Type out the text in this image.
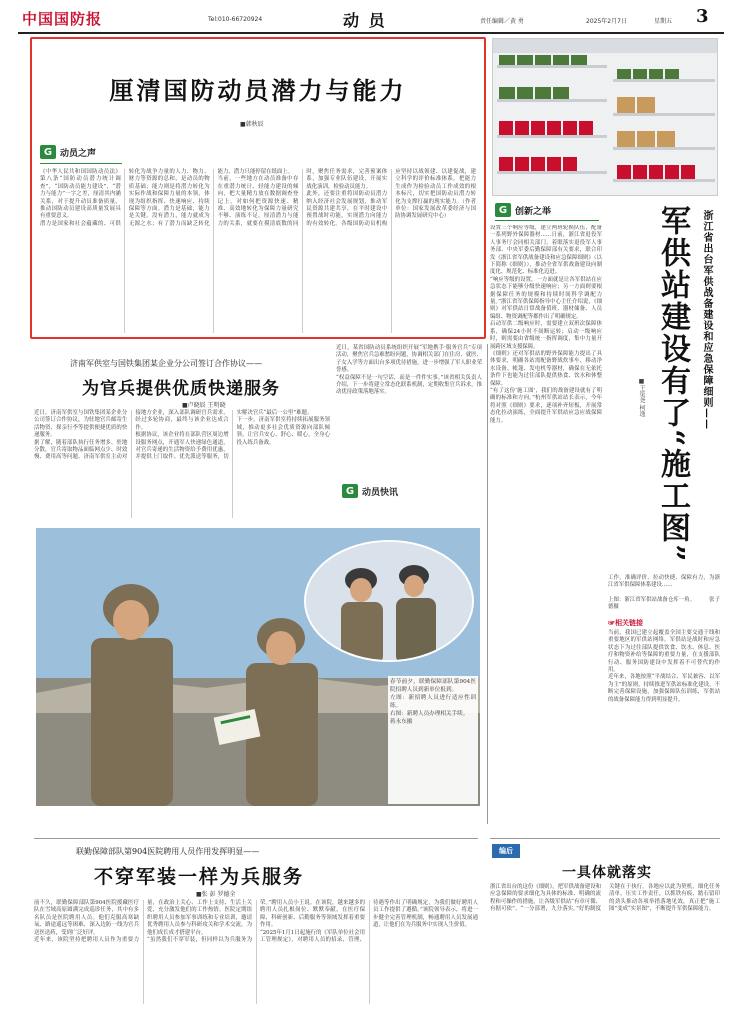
中国国防报	Tel:010-66720924	动 员	责任编辑／黄 勇	2025年2月7日	星期五 3
厘清国防动员潜力与能力
■韩秋辰
G 动员之声
《中华人民共和国国防动员法》第八条“国防动员潜力统计调查”，“国防动员能力建设”，“潜力与能力”一字之差，厘清其内涵关系，对于提升动员准备质量、推动国防动员建设高质量发展具有重要意义。
潜力是国家和社会蕴藏的、可供转化为战争力量的人力、物力、财力等资源的总和，是动员的物质基础；能力则是将潜力转化为实际作战和保障力量的本领，体现为组织指挥、快速响应、持续保障等方面。潜力是基础，能力是关键。没有潜力，能力就成为无源之水；有了潜力而缺乏转化能力，潜力只能停留在纸面上。
当前，一些地方在动员准备中存在重潜力统计、轻能力建设的倾向，把大量精力放在数据调查登记上，对如何把资源快速、精准、高效地转化为保障力量研究不够、演练不足。厘清潜力与能力的关系，就要在摸清底数的同时，聚焦任务需求，完善预案体系，加强专业队伍建设，开展实战化演训，检验动员能力。
此外，还要注重将国防动员潜力纳入经济社会发展规划，推动军民资源共建共享，在平时建设中预置战时功能，实现潜力向能力的有效转化。各级国防动员机构应坚持以战领建、以建促战，建立科学的评价标准体系，把能力生成作为检验动员工作成效的根本标尺，切实把国防动员潜力转化为支撑打赢的现实能力。（作者单位：国家发展改革委经济与国防协调发展研究中心）
G 创新之举
设置三个响应等级，建立两班轮换队伍，配备一系列野外保障器材……日前，浙江省退役军人事务厅会同相关部门，着眼落实退役军人事务部、中央军委后勤保障部有关要求，联合印发《浙江省军供战备建设和应急保障细则》（以下简称《细则》），推动全省军供战备建设向制度化、规范化、标准化迈进。
“响应等级的设置，一方面就是让各军供站在应急状态下能够分级快速响应；另一方面则要根据保障任务的规模和持续时间科学调配力量。”浙江省军供保障指导中心主任介绍说，《细则》对军供站日常战备值班、器材储备、人员编组、物资调配等都作出了明确规定。
启动军供二级响应时，需要建立双班次保障体系，确保24小时不间断运转；启动一级响应时，则需要由省级统一指挥调度，集中力量开展跨区域支援保障。
《细则》还对军供站的野外保障能力提出了具体要求，明确各站需配备野战炊事车、移动净水设备、帐篷、发电机等器材，确保在无依托条件下也能为过往部队提供热食、饮水和休整保障。
“有了这份‘施工图’，我们的战备建设就有了明确的标准和方向。”杭州军供站站长表示，今年将对照《细则》要求，逐项补齐短板，开展常态化拉动演练，全面提升军供站应急应战保障能力。	浙江省出台军供战备建设和应急保障细则——
军供站建设有了“施工图”
■王笕尧 柯逸
工作，准确评价、拉动快捷、保障有力，为浙江省军供保障体系建设……
上图：浙江省军供站战备仓库一角。        张子德摄
☞相关链接
当前，我国已建立起覆盖全国主要交通干线和重要地区的军供站网络。军供站是战时和应急状态下为过往部队提供饮食、饮水、休息、医疗和物资补给等保障的重要力量，在支援部队行动、服务国防建设中发挥着不可替代的作用。
近年来，各地按照“平战结合、军民兼容、以军为主”的原则，持续推进军供站标准化建设，不断完善保障设施，加强保障队伍训练，军供站的战备保障能力得到明显提升。
济南军供室与国铁集团某企业分公司签订合作协议——
为官兵提供优质快递服务
■卢晓辰 王明晓
近日，济南军供室与国铁集团某企业分公司签订合作协议，为驻地官兵邮寄生活物资、探亲行李等提供便捷优质的快递服务。
据了解，随着部队执行任务增多、驻地分散，官兵寄取物品面临网点少、时效慢、费用高等问题。济南军供室主动对接地方企业，深入部队调研官兵需求，经过多轮协商，最终与该企业达成合作。
根据协议，该企业将在部队营区周边增设服务网点，开通军人快递绿色通道，对官兵寄递的生活物资给予费用优惠，并提供上门取件、优先派送等服务，切实解决官兵“最后一公里”难题。
下一步，济南军供室将持续拓展服务领域，推动更多社会优质资源向部队倾斜，让官兵安心、舒心、暖心，全身心投入练兵备战。
G 动员快讯
近日，某省国防动员系统组织开展“军地携手·服务官兵”专项活动，聚焦官兵急难愁盼问题，协调相关部门在住房、就医、子女入学等方面出台多项优待措施，进一步增强了军人职业荣誉感。
“权益保障不是一句空话，而是一件件实事。”该省相关负责人介绍，下一步将建立常态化联系机制，定期收集官兵诉求，推动优待政策落地落实。
春节前夕，联勤保障部队第904医院招聘人员到新单位报到。
左图：新招聘人员进行适应性训练。
右图：新聘人员办理相关手续。
蒋永东摄
联勤保障部队第904医院聘用人员作用发挥明显——
不穿军装一样为兵服务
■张 彭 罗德全
前不久，联勤保障部队第904医院援藏医疗队在雪域高原圆满完成巡诊任务，其中有多名队员是医院聘用人员。他们克服高寒缺氧、路途遥远等困难，深入边防一线为官兵送医送药，受到广泛好评。
近年来，该院坚持把聘用人员作为重要力量，在政治上关心、工作上支持、生活上关爱，充分激发他们的工作热情。医院定期组织聘用人员参加军事训练和专业培训，邀请优秀聘用人员参与科研攻关和学术交流，为他们成长成才搭建平台。
“虽然我们不穿军装，但同样以为兵服务为荣。”聘用人员小王说。在该院，越来越多的聘用人员扎根岗位、默默奉献，在医疗保障、科研创新、后勤服务等领域发挥着重要作用。
“2025年1月1日起施行的《军队单位社会用工管理规定》，对聘用人员的招录、管理、待遇等作出了明确规定，为我们做好聘用人员工作提供了遵循。”该院领导表示，将进一步健全完善管理机制，畅通聘用人员发展通道，让他们在为兵服务中实现人生价值。
编后
一具体就落实
浙江省出台的这份《细则》，把军供战备建设和应急保障的要求细化为具体的标准、明确的流程和可操作的措施，让各级军供站“有章可循、有据可依”。“一分部署，九分落实。”好的制度关键在于执行。各地应以此为契机，细化任务清单，压实工作责任，以抓铁有痕、踏石留印的劲头推动各项举措落地见效，真正把“施工图”变成“实景图”，不断提升军供保障能力。
